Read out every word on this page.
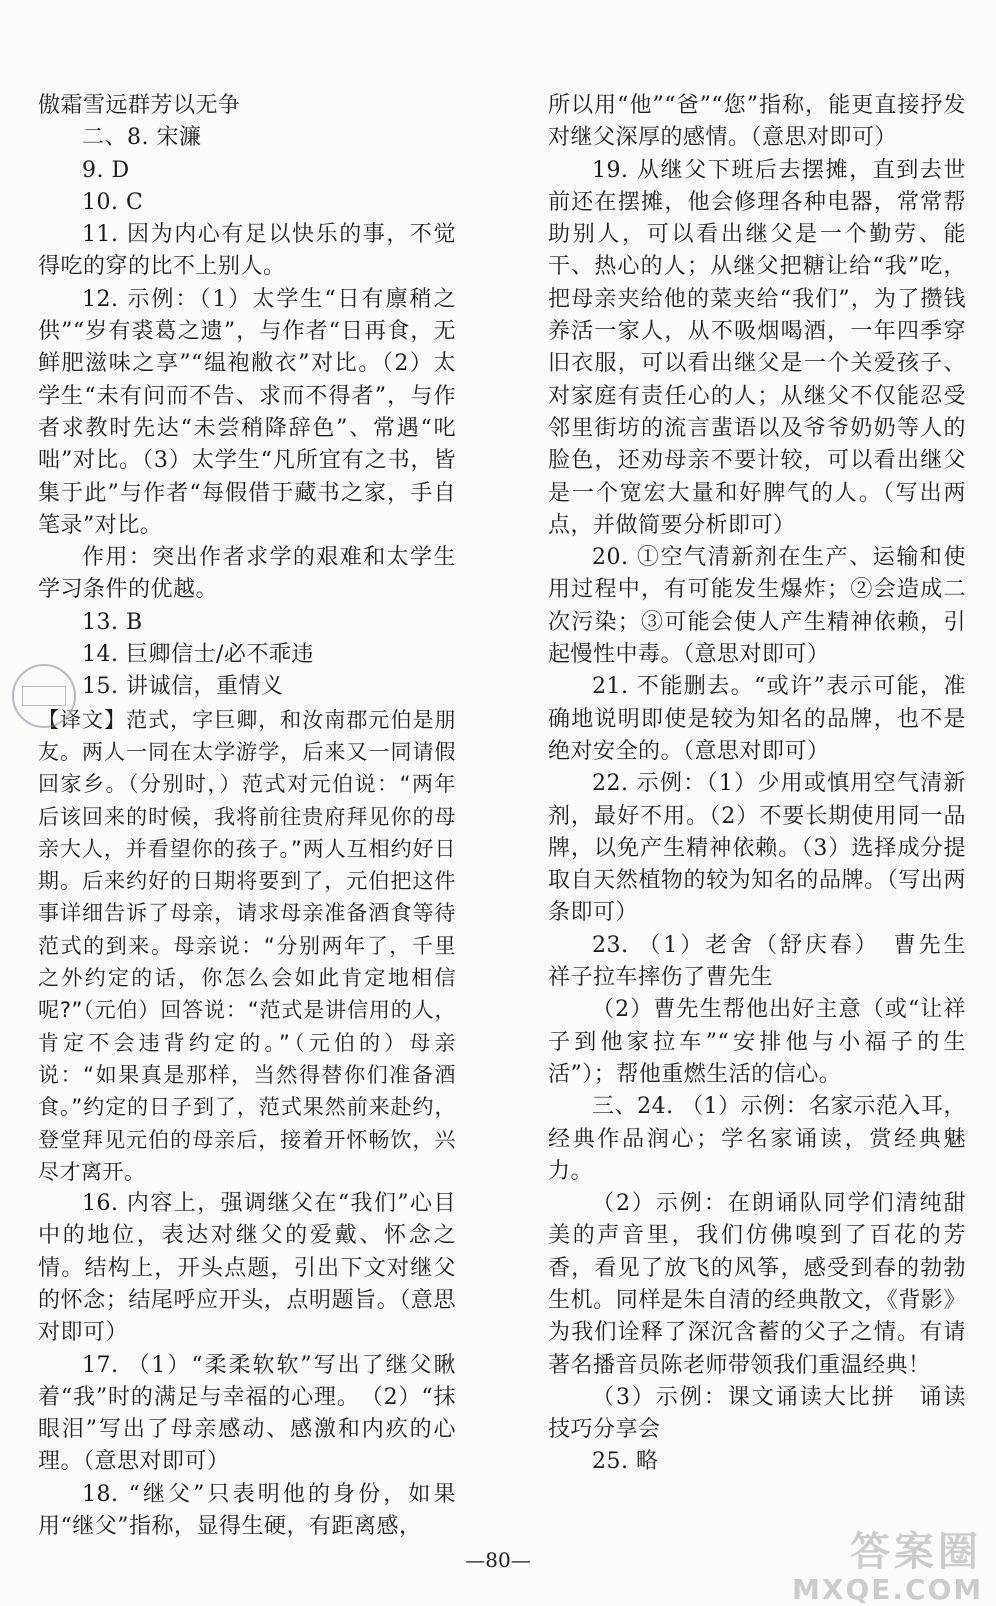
傲霜雪远群芳以无争

二、8. 宋濂

9. D

10. C

11. 因为内心有足以快乐的事，不觉得吃的穿的比不上别人。

12. 示例：（1）太学生“日有廪稍之供”“岁有裘葛之遗”，与作者“日再食，无鲜肥滋味之享”“缊袍敝衣”对比。（2）太学生“未有问而不告、求而不得者”，与作者求教时先达“未尝稍降辞色”、常遇“叱咄”对比。（3）太学生“凡所宜有之书，皆集于此”与作者“每假借于藏书之家，手自笔录”对比。

作用：突出作者求学的艰难和太学生学习条件的优越。

13. B

14. 巨卿信士/必不乖违

15. 讲诚信，重情义

【译文】范式，字巨卿，和汝南郡元伯是朋友。两人一同在太学游学，后来又一同请假回家乡。（分别时，）范式对元伯说：“两年后该回来的时候，我将前往贵府拜见你的母亲大人，并看望你的孩子。”两人互相约好日期。后来约好的日期将要到了，元伯把这件事详细告诉了母亲，请求母亲准备酒食等待范式的到来。母亲说：“分别两年了，千里之外约定的话，你怎么会如此肯定地相信呢?”（元伯）回答说：“范式是讲信用的人，肯定不会违背约定的。”（元伯的）母亲说：“如果真是那样，当然得替你们准备酒食。”约定的日子到了，范式果然前来赴约，登堂拜见元伯的母亲后，接着开怀畅饮，兴尽才离开。

16. 内容上，强调继父在“我们”心目中的地位，表达对继父的爱戴、怀念之情。结构上，开头点题，引出下文对继父的怀念；结尾呼应开头，点明题旨。（意思对即可）

17. （1）“柔柔软软”写出了继父瞅着“我”时的满足与幸福的心理。　（2）“抹眼泪”写出了母亲感动、感激和内疚的心理。（意思对即可）

18. “继父”只表明他的身份，如果用“继父”指称，显得生硬，有距离感，

所以用“他”“爸”“您”指称，能更直接抒发对继父深厚的感情。（意思对即可）

19. 从继父下班后去摆摊，直到去世前还在摆摊，他会修理各种电器，常常帮助别人，可以看出继父是一个勤劳、能干、热心的人；从继父把糖让给“我”吃，把母亲夹给他的菜夹给“我们”，为了攒钱养活一家人，从不吸烟喝酒，一年四季穿旧衣服，可以看出继父是一个关爱孩子、对家庭有责任心的人；从继父不仅能忍受邻里街坊的流言蜚语以及爷爷奶奶等人的脸色，还劝母亲不要计较，可以看出继父是一个宽宏大量和好脾气的人。（写出两点，并做简要分析即可）

20. ①空气清新剂在生产、运输和使用过程中，有可能发生爆炸；②会造成二次污染；③可能会使人产生精神依赖，引起慢性中毒。（意思对即可）

21. 不能删去。“或许”表示可能，准确地说明即使是较为知名的品牌，也不是绝对安全的。（意思对即可）

22. 示例：（1）少用或慎用空气清新剂，最好不用。（2）不要长期使用同一品牌，以免产生精神依赖。（3）选择成分提取自天然植物的较为知名的品牌。（写出两条即可）

23. （1）老舍（舒庆春）　曹先生　祥子拉车摔伤了曹先生

（2）曹先生帮他出好主意（或“让祥子到他家拉车”“安排他与小福子的生活”）；帮他重燃生活的信心。

三、24. （1）示例：名家示范入耳，经典作品润心；学名家诵读，赏经典魅力。

（2）示例：在朗诵队同学们清纯甜美的声音里，我们仿佛嗅到了百花的芳香，看见了放飞的风筝，感受到春的勃勃生机。同样是朱自清的经典散文，《背影》为我们诠释了深沉含蓄的父子之情。有请著名播音员陈老师带领我们重温经典！

（3）示例：课文诵读大比拼　诵读技巧分享会

25. 略

—80—	答案圈
MXQE.COM
